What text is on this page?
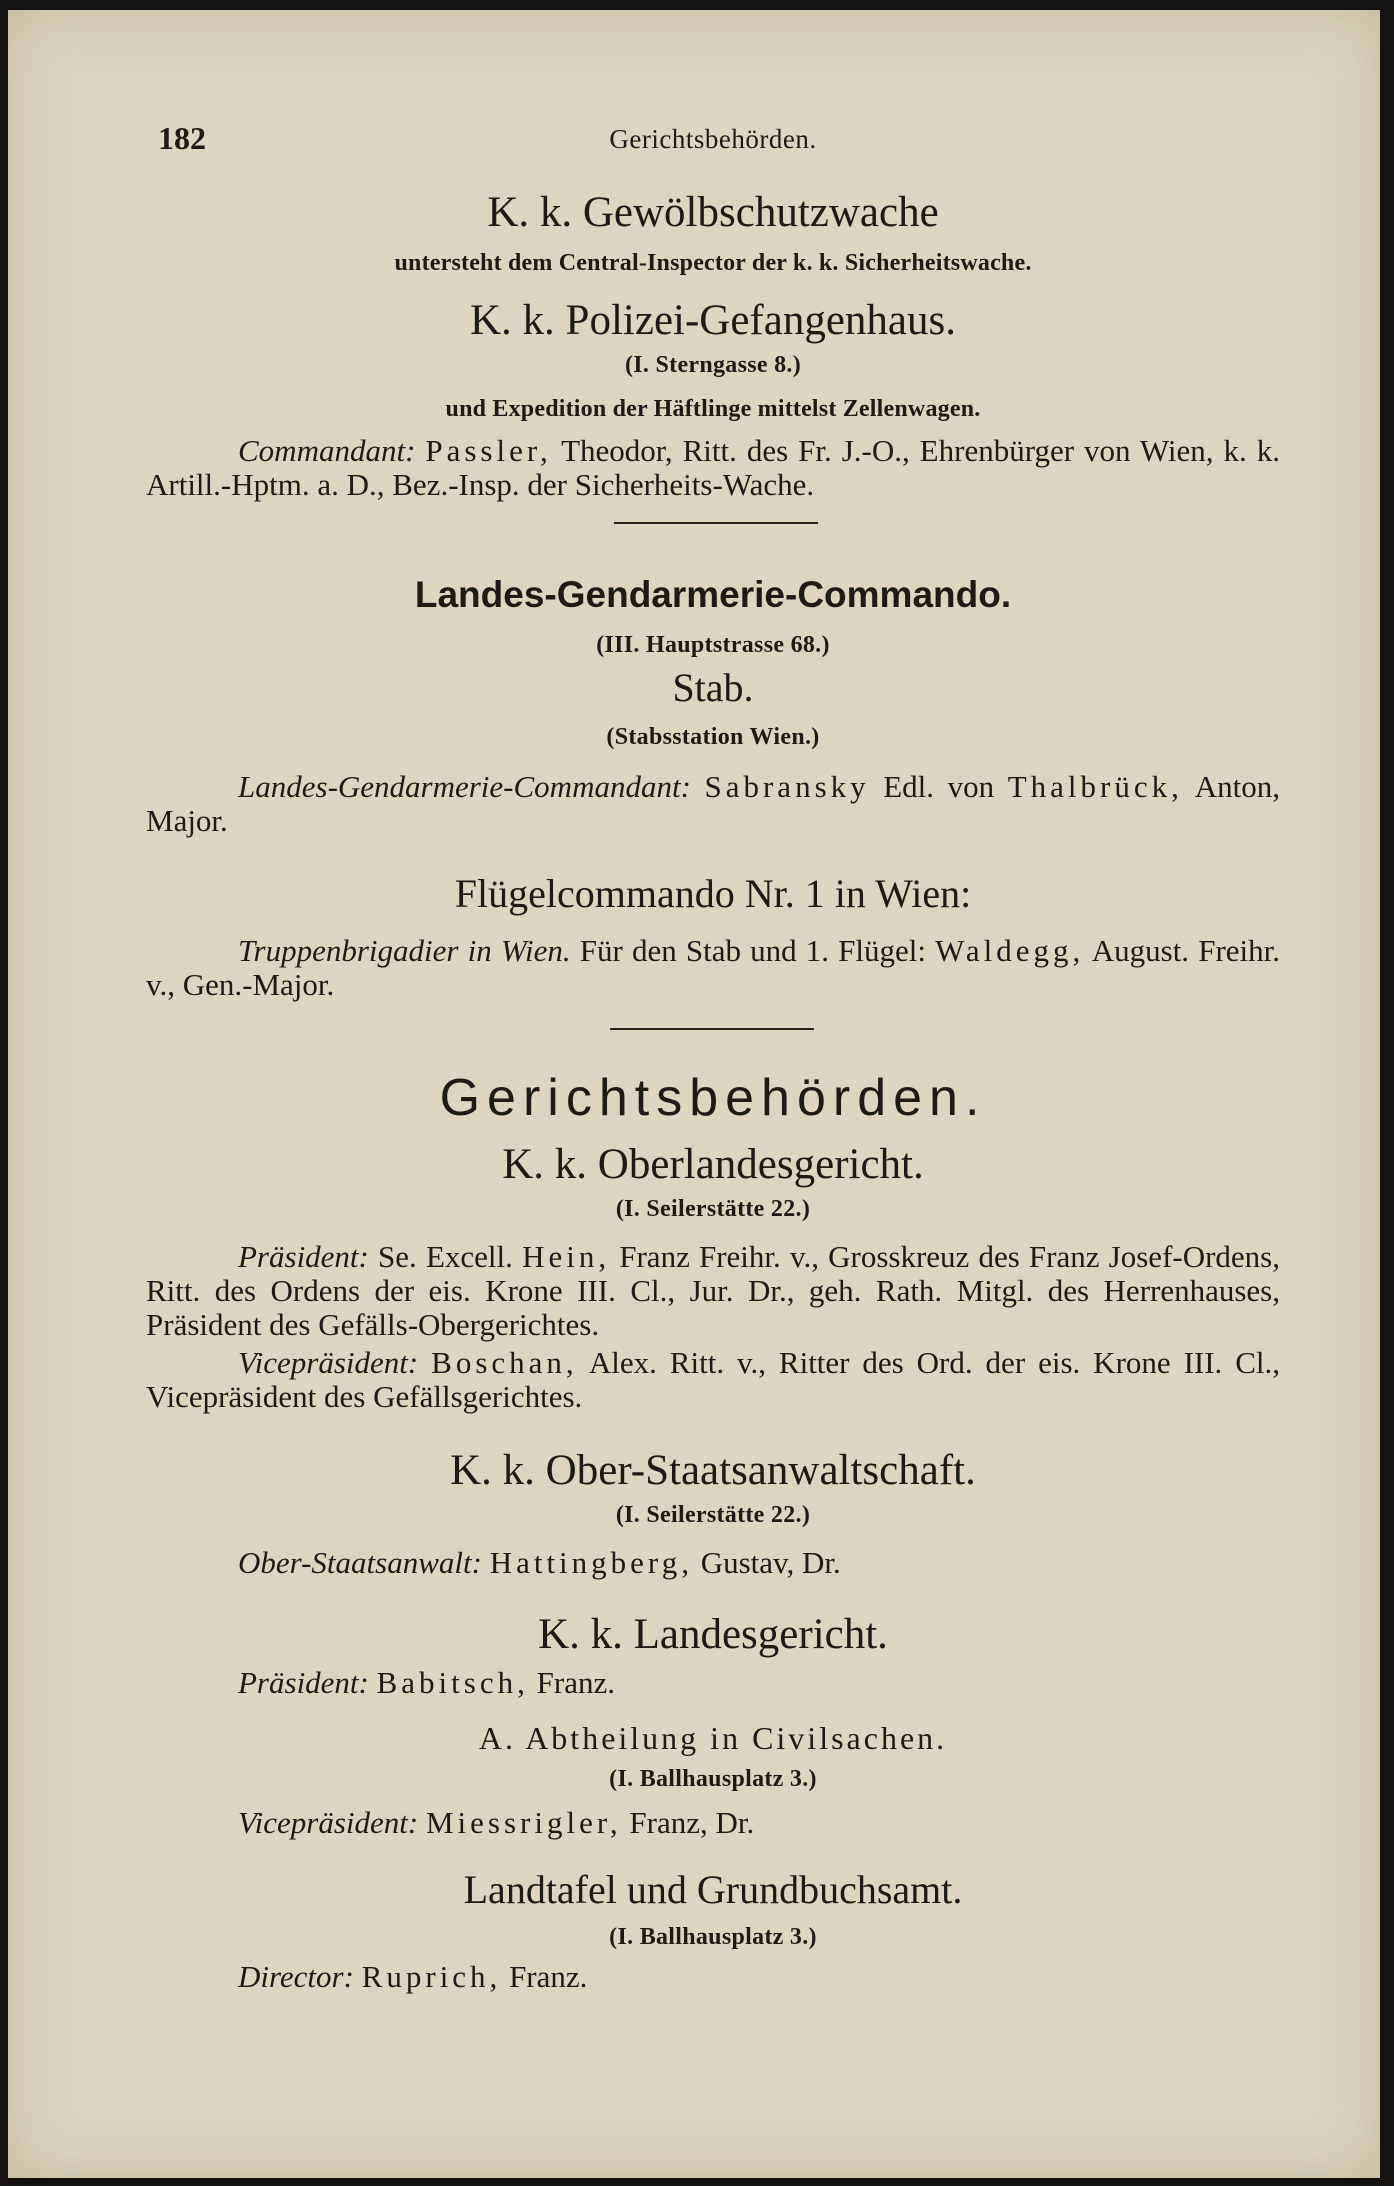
182	Gerichtsbehörden.
K. k. Gewölbschutzwache
untersteht dem Central-Inspector der k. k. Sicherheitswache.
K. k. Polizei-Gefangenhaus.
(I. Sterngasse 8.)
und Expedition der Häftlinge mittelst Zellenwagen.
Commandant: Passler, Theodor, Ritt. des Fr. J.-O., Ehrenbürger von Wien, k. k. Artill.-Hptm. a. D., Bez.-Insp. der Sicherheits-Wache.
Landes-Gendarmerie-Commando.
(III. Hauptstrasse 68.)
Stab.
(Stabsstation Wien.)
Landes-Gendarmerie-Commandant: Sabransky Edl. von Thalbrück, Anton, Major.
Flügelcommando Nr. 1 in Wien:
Truppenbrigadier in Wien. Für den Stab und 1. Flügel: Waldegg, August. Freihr. v., Gen.-Major.
Gerichtsbehörden.
K. k. Oberlandesgericht.
(I. Seilerstätte 22.)
Präsident: Se. Excell. Hein, Franz Freihr. v., Grosskreuz des Franz Josef-Ordens, Ritt. des Ordens der eis. Krone III. Cl., Jur. Dr., geh. Rath. Mitgl. des Herrenhauses, Präsident des Gefälls-Obergerichtes.
Vicepräsident: Boschan, Alex. Ritt. v., Ritter des Ord. der eis. Krone III. Cl., Vicepräsident des Gefällsgerichtes.
K. k. Ober-Staatsanwaltschaft.
(I. Seilerstätte 22.)
Ober-Staatsanwalt: Hattingberg, Gustav, Dr.
K. k. Landesgericht.
Präsident: Babitsch, Franz.
A. Abtheilung in Civilsachen.
(I. Ballhausplatz 3.)
Vicepräsident: Miessrigler, Franz, Dr.
Landtafel und Grundbuchsamt.
(I. Ballhausplatz 3.)
Director: Ruprich, Franz.
